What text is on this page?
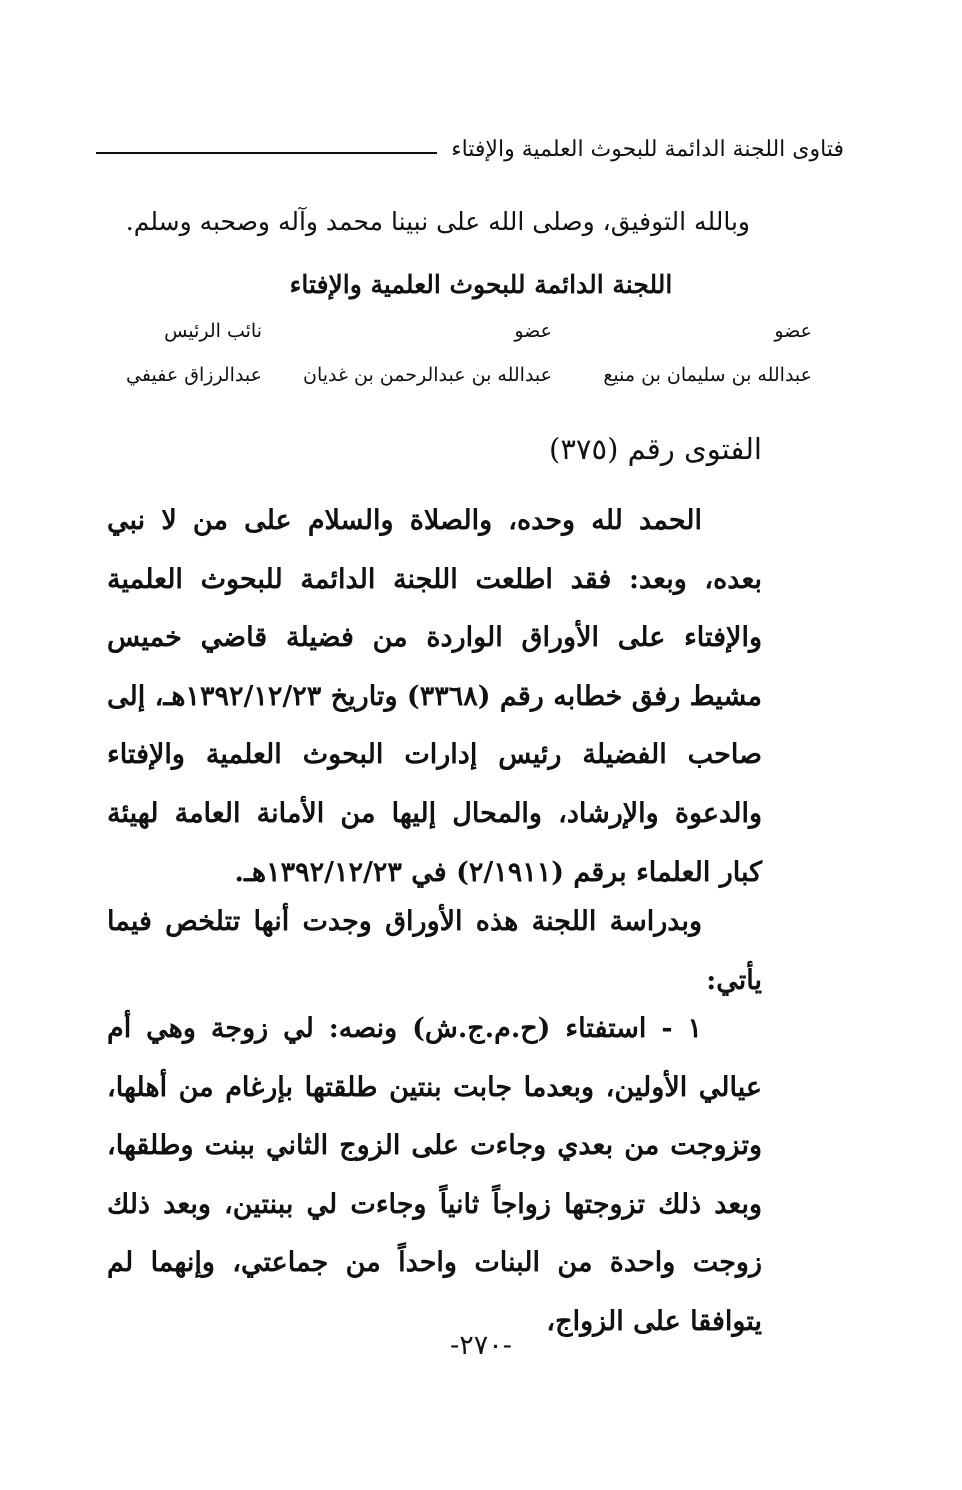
فتاوى اللجنة الدائمة للبحوث العلمية والإفتاء
وبالله التوفيق، وصلى الله على نبينا محمد وآله وصحبه وسلم.
اللجنة الدائمة للبحوث العلمية والإفتاء
عضو
عضو
نائب الرئيس
عبدالله بن سليمان بن منيع
عبدالله بن عبدالرحمن بن غديان
عبدالرزاق عفيفي
الفتوى رقم (٣٧٥)

الحمد لله وحده، والصلاة والسلام على من لا نبي بعده، وبعد: فقد اطلعت اللجنة الدائمة للبحوث العلمية والإفتاء على الأوراق الواردة من فضيلة قاضي خميس مشيط رفق خطابه رقم (٣٣٦٨) وتاريخ ١٣٩٢/١٢/٢٣هـ، إلى صاحب الفضيلة رئيس إدارات البحوث العلمية والإفتاء والدعوة والإرشاد، والمحال إليها من الأمانة العامة لهيئة كبار العلماء برقم (٢/١٩١١) في ١٣٩٢/١٢/٢٣هـ.

وبدراسة اللجنة هذه الأوراق وجدت أنها تتلخص فيما يأتي:

١ - استفتاء (ح.م.ج.ش) ونصه: لي زوجة وهي أم عيالي الأولين، وبعدما جابت بنتين طلقتها بإرغام من أهلها، وتزوجت من بعدي وجاءت على الزوج الثاني ببنت وطلقها، وبعد ذلك تزوجتها زواجاً ثانياً وجاءت لي ببنتين، وبعد ذلك زوجت واحدة من البنات واحداً من جماعتي، وإنهما لم يتوافقا على الزواج،

-٢٧٠-
